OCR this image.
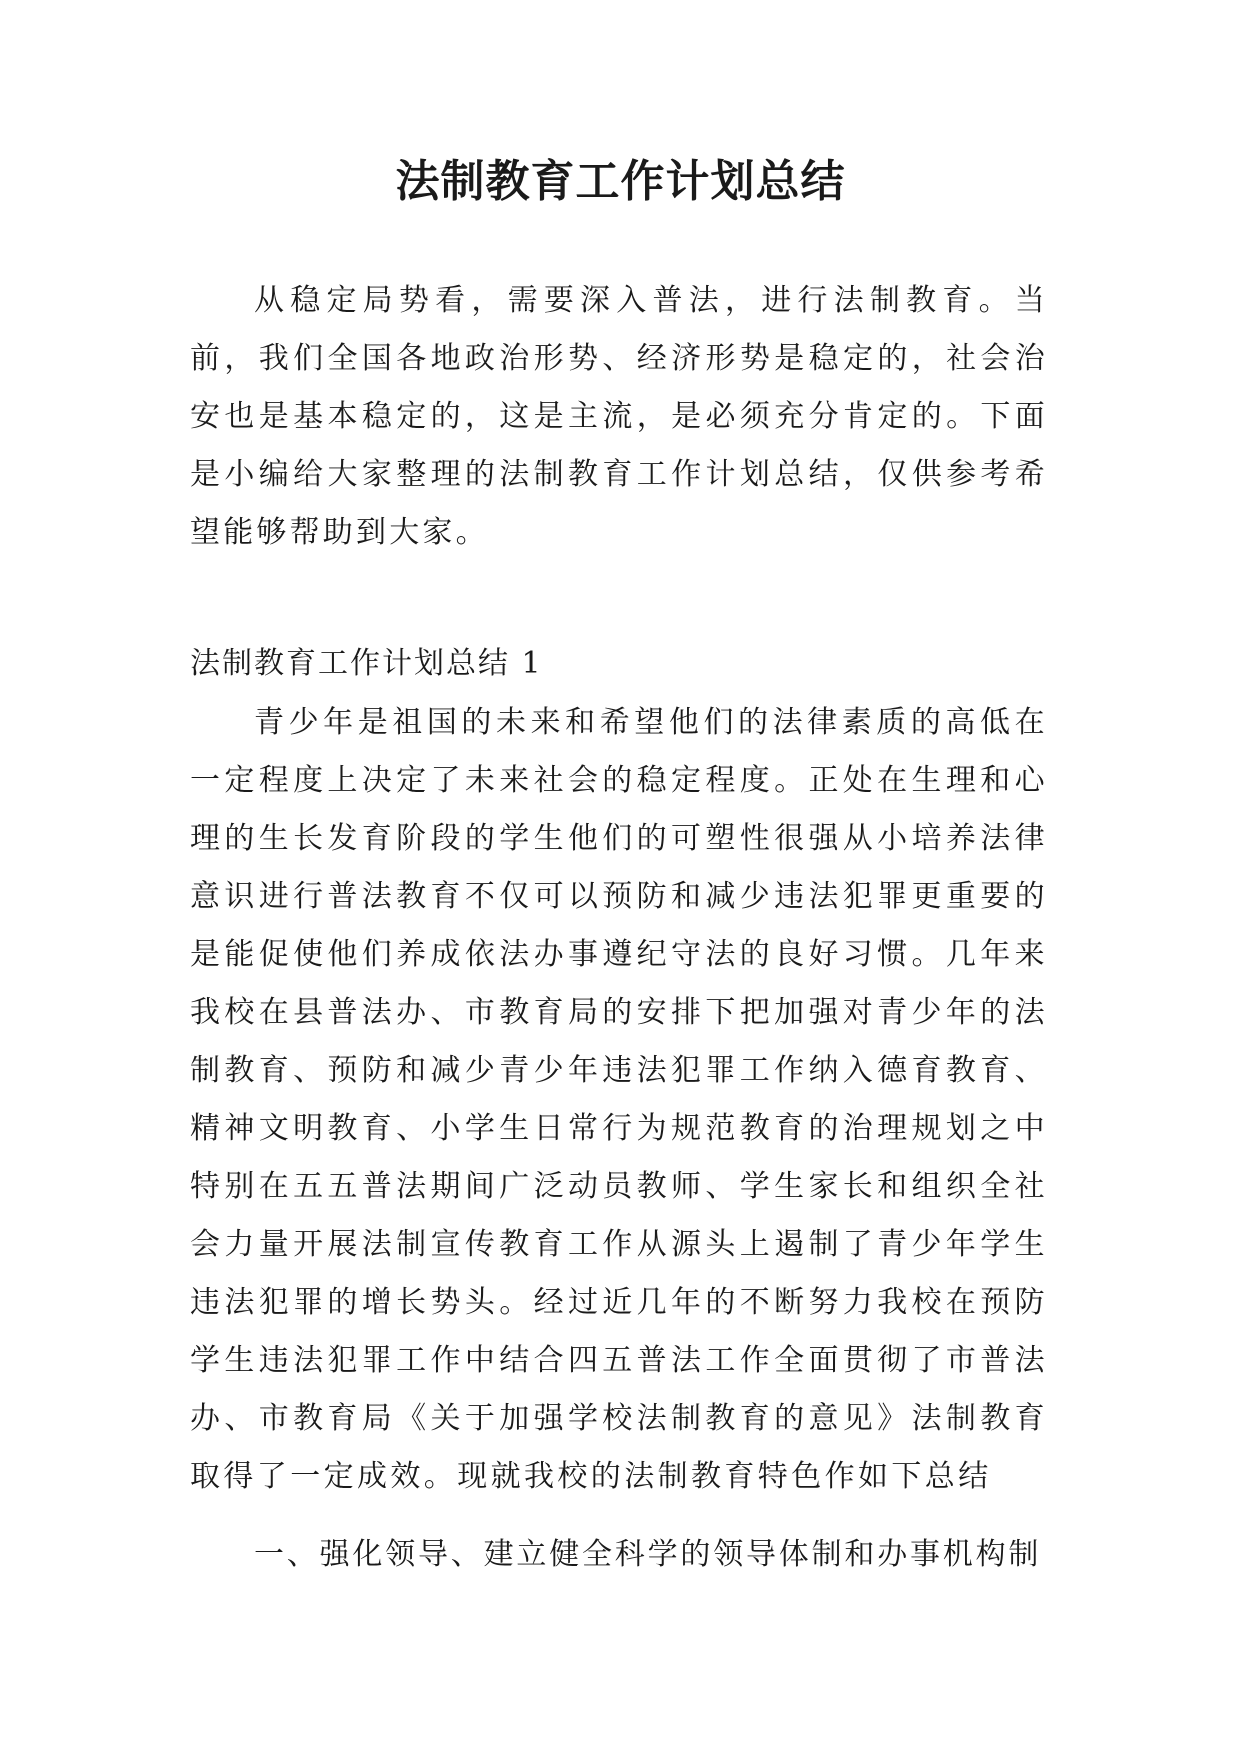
法制教育工作计划总结

从稳定局势看，需要深入普法，进行法制教育。当前，我们全国各地政治形势、经济形势是稳定的，社会治安也是基本稳定的，这是主流，是必须充分肯定的。下面是小编给大家整理的法制教育工作计划总结，仅供参考希望能够帮助到大家。

法制教育工作计划总结 1

青少年是祖国的未来和希望他们的法律素质的高低在一定程度上决定了未来社会的稳定程度。正处在生理和心理的生长发育阶段的学生他们的可塑性很强从小培养法律意识进行普法教育不仅可以预防和减少违法犯罪更重要的是能促使他们养成依法办事遵纪守法的良好习惯。几年来我校在县普法办、市教育局的安排下把加强对青少年的法制教育、预防和减少青少年违法犯罪工作纳入德育教育、精神文明教育、小学生日常行为规范教育的治理规划之中特别在五五普法期间广泛动员教师、学生家长和组织全社会力量开展法制宣传教育工作从源头上遏制了青少年学生违法犯罪的增长势头。经过近几年的不断努力我校在预防学生违法犯罪工作中结合四五普法工作全面贯彻了市普法办、市教育局《关于加强学校法制教育的意见》法制教育取得了一定成效。现就我校的法制教育特色作如下总结

一、强化领导、建立健全科学的领导体制和办事机构制
